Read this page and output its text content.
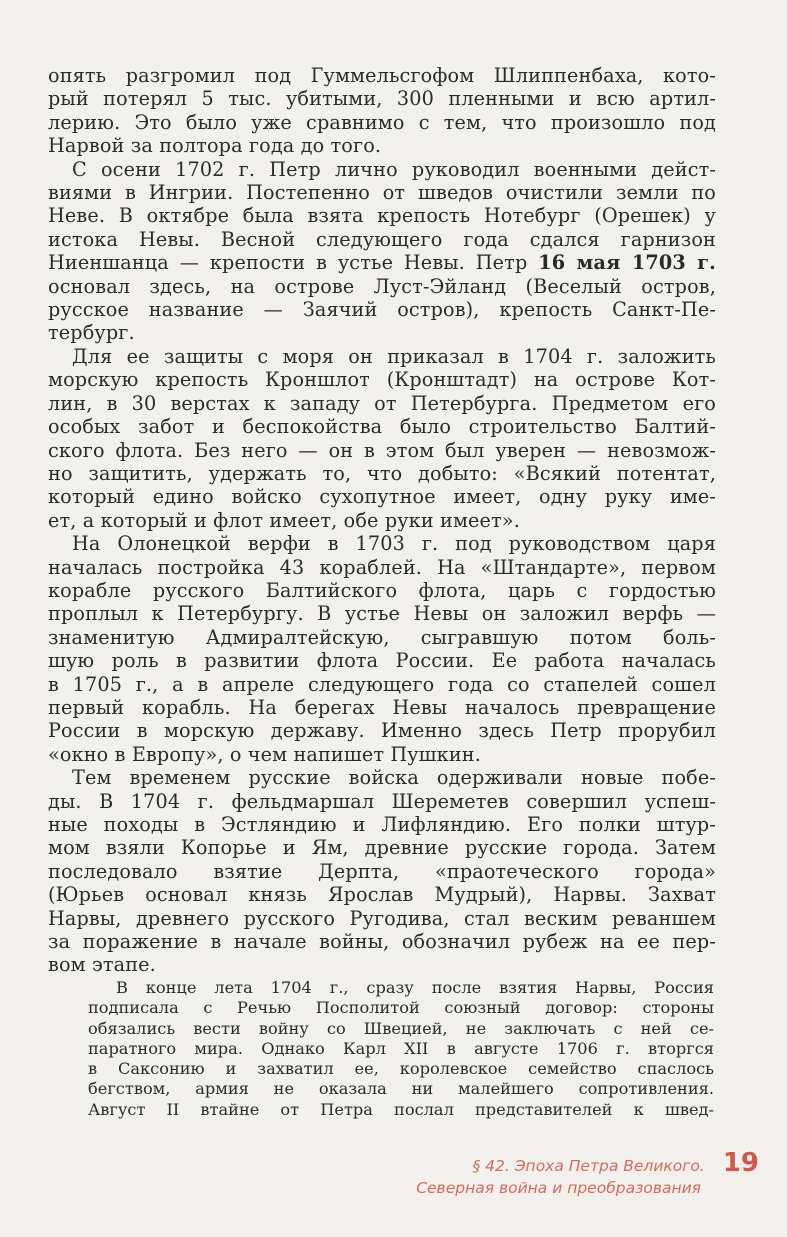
опять разгромил под Гуммельсгофом Шлиппенбаха, кото-
рый потерял 5 тыс. убитыми, 300 пленными и всю артил-
лерию. Это было уже сравнимо с тем, что произошло под
Нарвой за полтора года до того.

С осени 1702 г. Петр лично руководил военными дейст-
виями в Ингрии. Постепенно от шведов очистили земли по
Неве. В октябре была взята крепость Нотебург (Орешек) у
истока Невы. Весной следующего года сдался гарнизон
Ниеншанца — крепости в устье Невы. Петр 16 мая 1703 г.
основал здесь, на острове Луст-Эйланд (Веселый остров,
русское название — Заячий остров), крепость Санкт-Пе-
тербург.

Для ее защиты с моря он приказал в 1704 г. заложить
морскую крепость Кроншлот (Кронштадт) на острове Кот-
лин, в 30 верстах к западу от Петербурга. Предметом его
особых забот и беспокойства было строительство Балтий-
ского флота. Без него — он в этом был уверен — невозмож-
но защитить, удержать то, что добыто: «Всякий потентат,
который едино войско сухопутное имеет, одну руку име-
ет, а который и флот имеет, обе руки имеет».

На Олонецкой верфи в 1703 г. под руководством царя
началась постройка 43 кораблей. На «Штандарте», первом
корабле русского Балтийского флота, царь с гордостью
проплыл к Петербургу. В устье Невы он заложил верфь —
знаменитую Адмиралтейскую, сыгравшую потом боль-
шую роль в развитии флота России. Ее работа началась
в 1705 г., а в апреле следующего года со стапелей сошел
первый корабль. На берегах Невы началось превращение
России в морскую державу. Именно здесь Петр прорубил
«окно в Европу», о чем напишет Пушкин.

Тем временем русские войска одерживали новые побе-
ды. В 1704 г. фельдмаршал Шереметев совершил успеш-
ные походы в Эстляндию и Лифляндию. Его полки штур-
мом взяли Копорье и Ям, древние русские города. Затем
последовало взятие Дерпта, «праотеческого города»
(Юрьев основал князь Ярослав Мудрый), Нарвы. Захват
Нарвы, древнего русского Ругодива, стал веским реваншем
за поражение в начале войны, обозначил рубеж на ее пер-
вом этапе.

В конце лета 1704 г., сразу после взятия Нарвы, Россия
подписала с Речью Посполитой союзный договор: стороны
обязались вести войну со Швецией, не заключать с ней се-
паратного мира. Однако Карл XII в августе 1706 г. вторгся
в Саксонию и захватил ее, королевское семейство спаслось
бегством, армия не оказала ни малейшего сопротивления.
Август II втайне от Петра послал представителей к швед-
§ 42. Эпоха Петра Великого. 19
Северная война и преобразования
